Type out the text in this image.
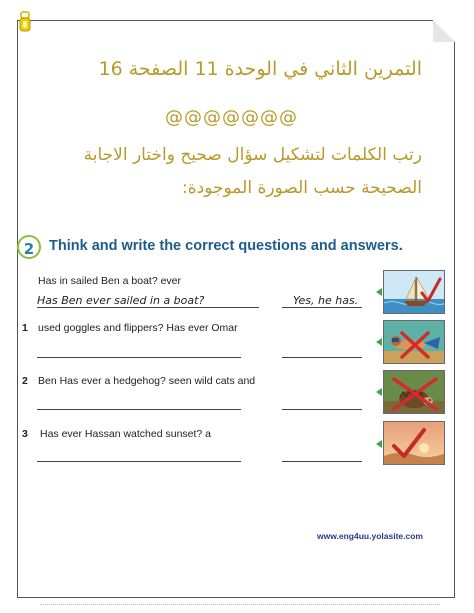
التمرين الثاني في الوحدة 11 الصفحة 16
@@@@@@@
رتب الكلمات لتشكيل سؤال صحيح واختار الاجابة
الصحيحة حسب الصورة الموجودة:
2	Think and write the correct questions and answers.
Has in sailed Ben a boat? ever
Has Ben ever sailed in a boat?	Yes, he has.
1 used goggles and flippers? Has ever Omar
2 Ben Has ever a hedgehog? seen wild cats and
3 Has ever Hassan watched sunset? a
www.eng4uu.yolasite.com
